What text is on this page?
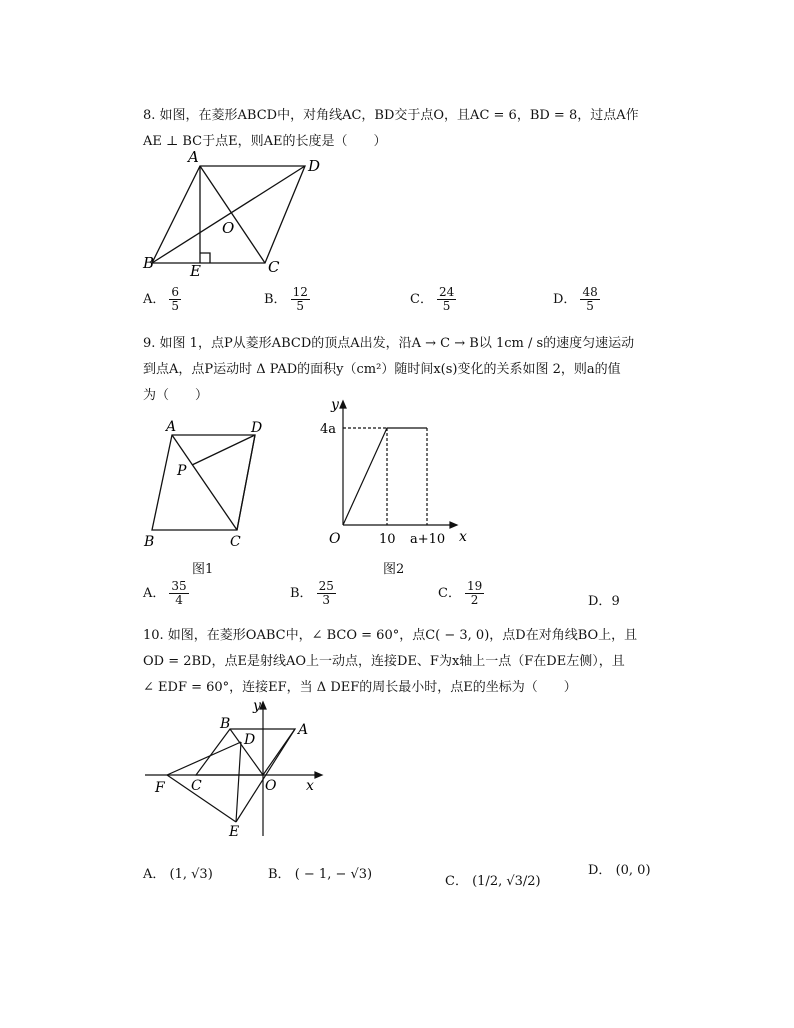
8. 如图，在菱形ABCD中，对角线AC，BD交于点O，且AC = 6，BD = 8，过点A作
AE ⊥ BC于点E，则AE的长度是（　　）
A	D
B	C
O
E
A． $\frac{6}{5}$	B． $\frac{12}{5}$	C． $\frac{24}{5}$	D． $\frac{48}{5}$
9. 如图 1，点P从菱形ABCD的顶点A出发，沿A → C → B以 1cm / s的速度匀速运动
到点A，点P运动时 Δ PAD的面积y（cm²）随时间x(s)变化的关系如图 2，则a的值
为（　　）
A	D
B	C
P
图1
y
x
O
4a
10 a+10
图2
A． $\frac{35}{4}$	B． $\frac{25}{3}$	C． $\frac{19}{2}$	D．9
10. 如图，在菱形OABC中，∠ BCO = 60°，点C( − 3, 0)，点D在对角线BO上，且
OD = 2BD，点E是射线AO上一动点，连接DE、F为x轴上一点（F在DE左侧），且
∠ EDF = 60°，连接EF，当 Δ DEF的周长最小时，点E的坐标为（　　）
B	A
D
C	O
F
E
x
y
A． (1, √3)	B． ( − 1, − √3)	C． (1/2, √3/2)
D． (0, 0)
